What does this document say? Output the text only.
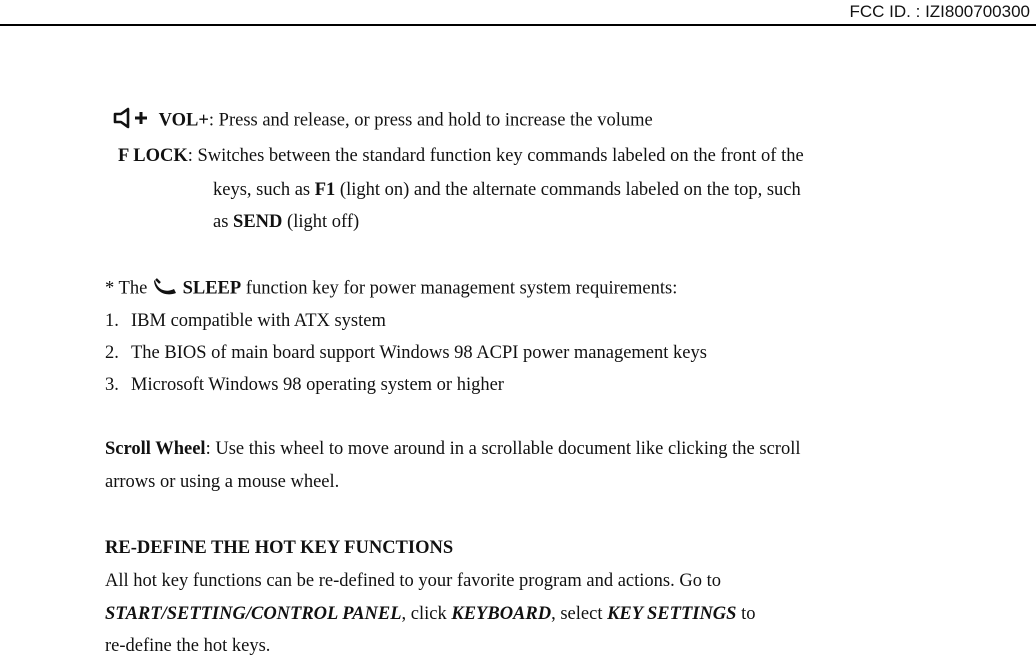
FCC ID. : IZI800700300
VOL+: Press and release, or press and hold to increase the volume
F LOCK: Switches between the standard function key commands labeled on the front of the
keys, such as F1 (light on) and the alternate commands labeled on the top, such
as SEND (light off)
* The SLEEP function key for power management system requirements:
1. IBM compatible with ATX system
2. The BIOS of main board support Windows 98 ACPI power management keys
3. Microsoft Windows 98 operating system or higher
Scroll Wheel: Use this wheel to move around in a scrollable document like clicking the scroll
arrows or using a mouse wheel.
RE-DEFINE THE HOT KEY FUNCTIONS
All hot key functions can be re-defined to your favorite program and actions. Go to
START/SETTING/CONTROL PANEL, click KEYBOARD, select KEY SETTINGS to
re-define the hot keys.
